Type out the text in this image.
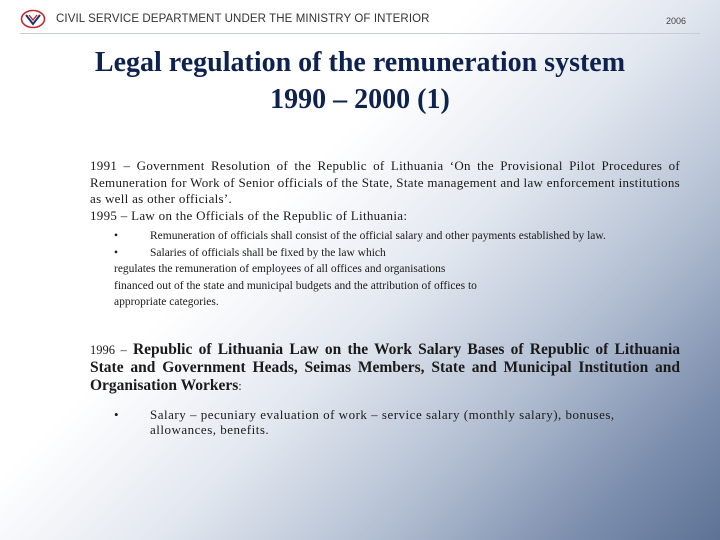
CIVIL SERVICE DEPARTMENT UNDER THE MINISTRY OF INTERIOR	2006
Legal regulation of the remuneration system
1990 – 2000 (1)

1991 – Government Resolution of the Republic of Lithuania ‘On the Provisional Pilot Procedures of Remuneration for Work of Senior officials of the State, State management and law enforcement institutions as well as other officials’.

1995 – Law on the Officials of the Republic of Lithuania:

•	Remuneration of officials shall consist of the official salary and other payments established by law.
•	Salaries of officials shall be fixed by the law which
regulates the remuneration of employees of all offices and organisations financed out of the state and municipal budgets and the attribution of offices to appropriate categories.
1996 – Republic of Lithuania Law on the Work Salary Bases of Republic of Lithuania State and Government Heads, Seimas Members, State and Municipal Institution and Organisation Workers:
•	Salary – pecuniary evaluation of work – service salary (monthly salary), bonuses, allowances, benefits.
